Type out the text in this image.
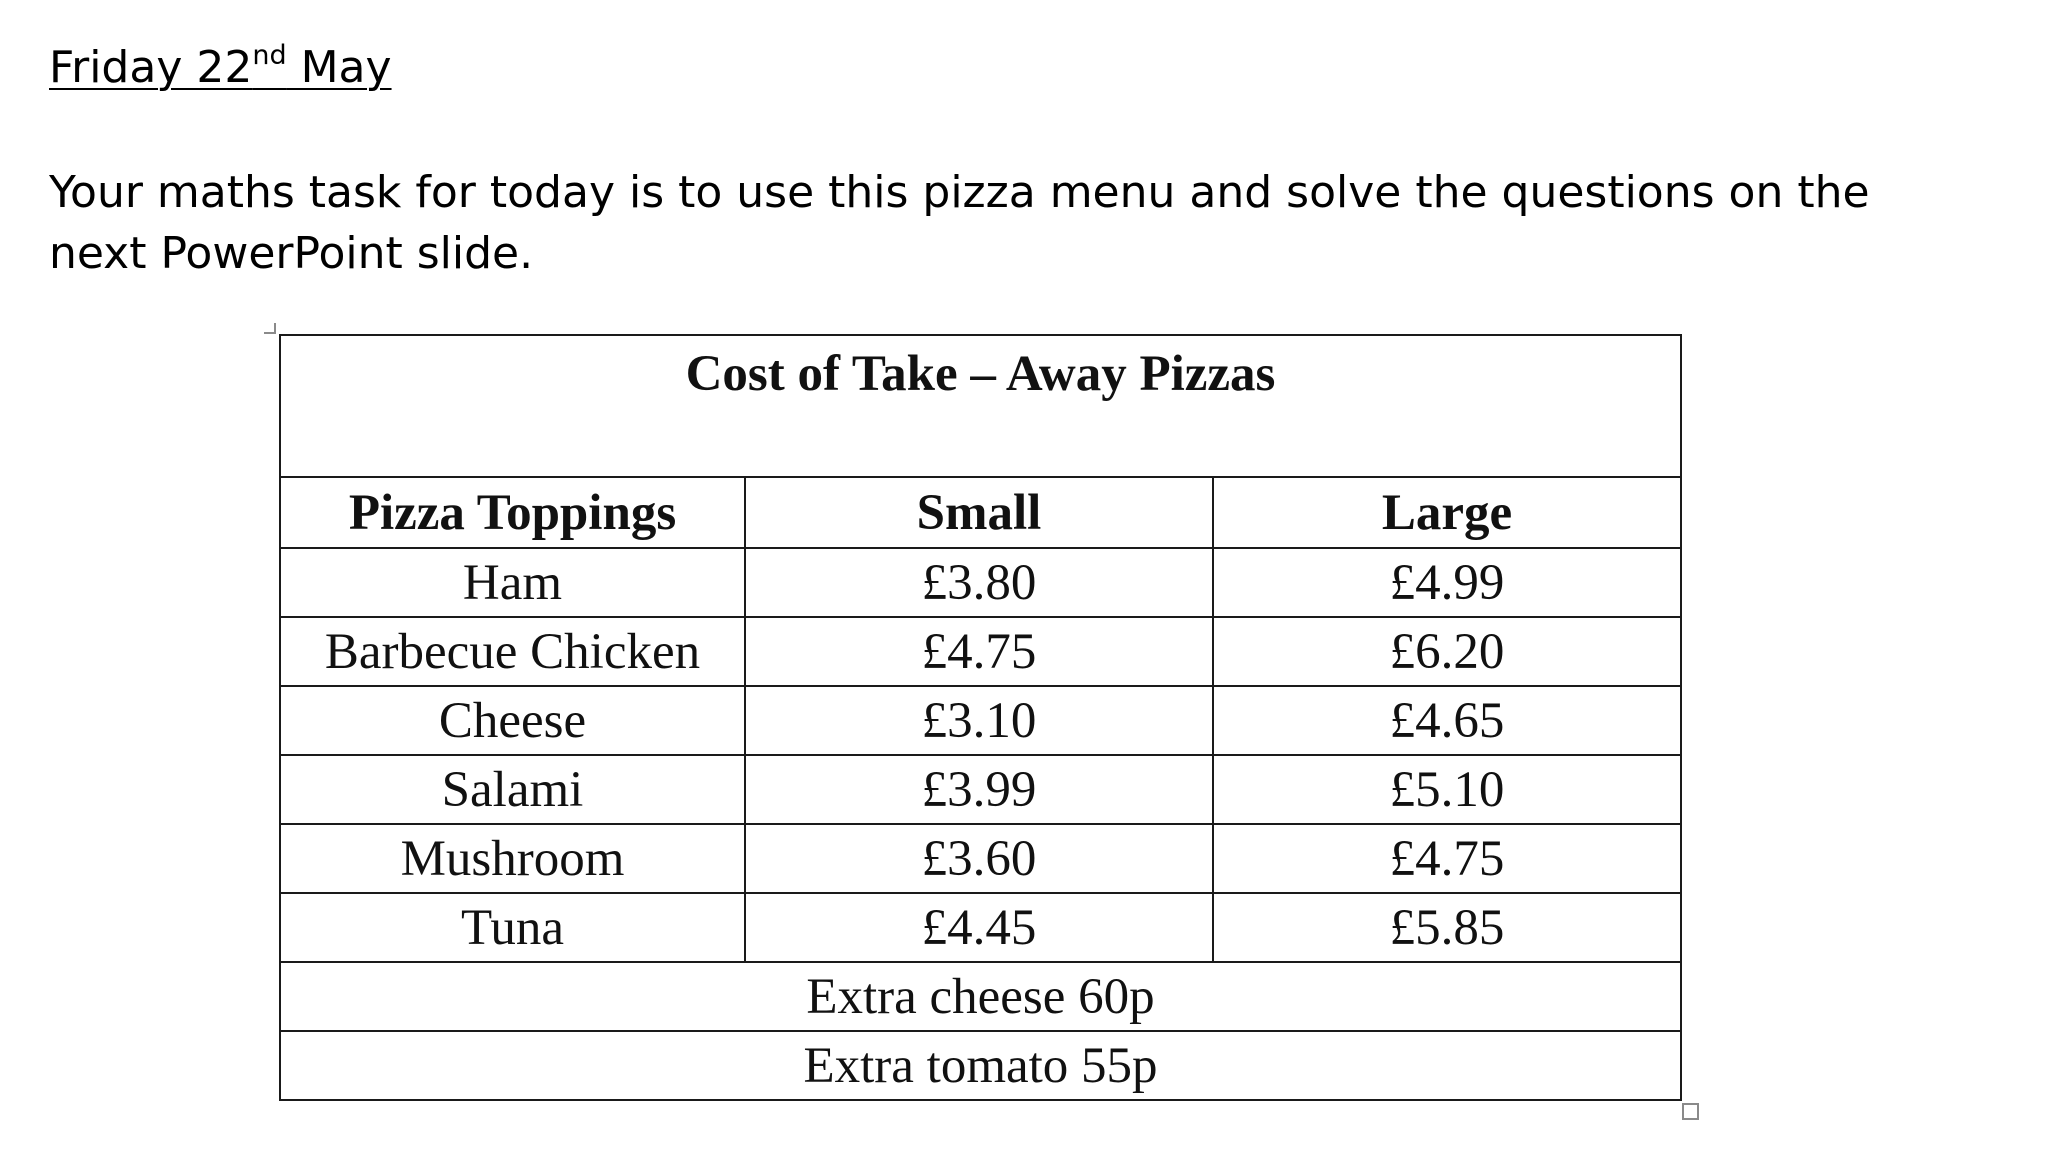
Friday 22nd May
Your maths task for today is to use this pizza menu and solve the questions on the next PowerPoint slide.
Cost of Take – Away Pizzas		
Pizza Toppings	Small	Large
Ham	£3.80	£4.99
Barbecue Chicken	£4.75	£6.20
Cheese	£3.10	£4.65
Salami	£3.99	£5.10
Mushroom	£3.60	£4.75
Tuna	£4.45	£5.85
Extra cheese 60p		
Extra tomato 55p		
